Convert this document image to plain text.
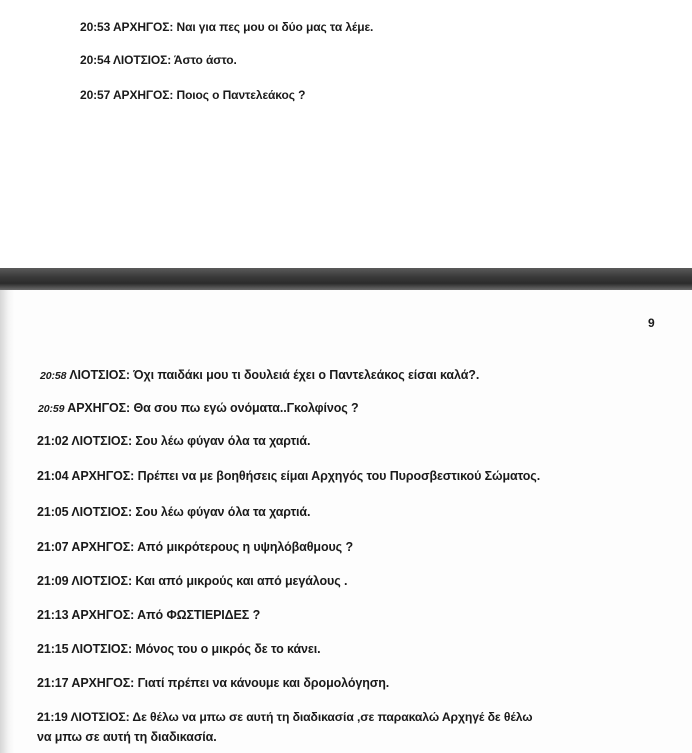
20:53 ΑΡΧΗΓΟΣ: Ναι για πες μου οι δύο μας τα λέμε.
20:54 ΛΙΟΤΣΙΟΣ: Άστο άστο.
20:57 ΑΡΧΗΓΟΣ: Ποιος ο Παντελεάκος ?
9
20:58 ΛΙΟΤΣΙΟΣ: Όχι παιδάκι μου τι δουλειά έχει ο Παντελεάκος είσαι καλά?.
20:59 ΑΡΧΗΓΟΣ: Θα σου πω εγώ ονόματα..Γκολφίνος ?
21:02 ΛΙΟΤΣΙΟΣ: Σου λέω φύγαν όλα τα χαρτιά.
21:04 ΑΡΧΗΓΟΣ: Πρέπει να με βοηθήσεις είμαι Αρχηγός του Πυροσβεστικού Σώματος.
21:05 ΛΙΟΤΣΙΟΣ: Σου λέω φύγαν όλα τα χαρτιά.
21:07 ΑΡΧΗΓΟΣ: Από μικρότερους η υψηλόβαθμους ?
21:09 ΛΙΟΤΣΙΟΣ: Και από μικρούς και από μεγάλους .
21:13 ΑΡΧΗΓΟΣ: Από ΦΩΣΤΙΕΡΙΔΕΣ ?
21:15 ΛΙΟΤΣΙΟΣ: Μόνος του ο μικρός δε το κάνει.
21:17 ΑΡΧΗΓΟΣ: Γιατί πρέπει να κάνουμε και δρομολόγηση.
21:19 ΛΙΟΤΣΙΟΣ: Δε θέλω να μπω σε αυτή τη διαδικασία ,σε παρακαλώ Αρχηγέ δε θέλω
να μπω σε αυτή τη διαδικασία.
